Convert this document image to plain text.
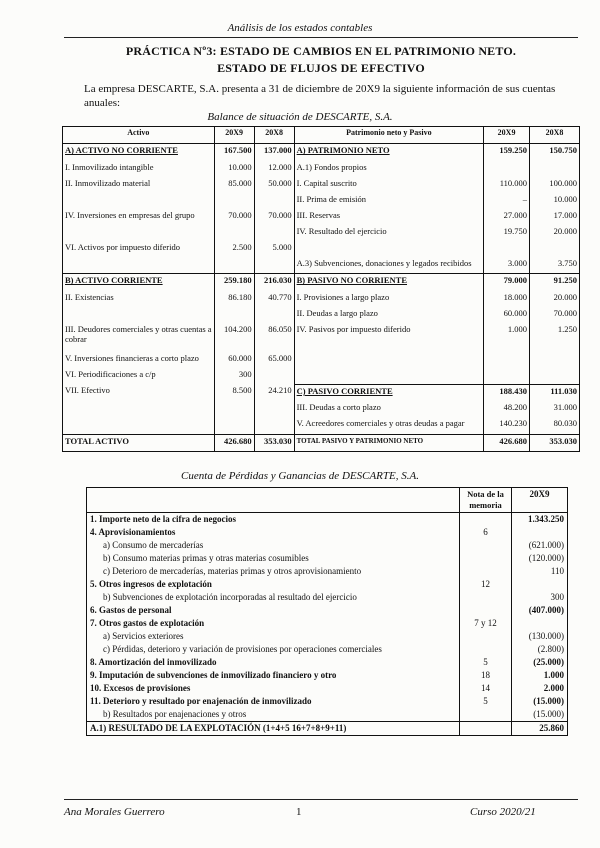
Análisis de los estados contables
PRÁCTICA Nº3: ESTADO DE CAMBIOS EN EL PATRIMONIO NETO.
ESTADO DE FLUJOS DE EFECTIVO
La empresa DESCARTE, S.A. presenta a 31 de diciembre de 20X9 la siguiente información de sus cuentas anuales:
Balance de situación de DESCARTE, S.A.
Activo	20X9	20X8	Patrimonio neto y Pasivo	20X9	20X8
A) ACTIVO NO CORRIENTE	167.500	137.000	A) PATRIMONIO NETO	159.250	150.750
I. Inmovilizado intangible	10.000	12.000	A.1) Fondos propios		
II. Inmovilizado material	85.000	50.000	I. Capital suscrito	110.000	100.000
			II. Prima de emisión	–	10.000
IV. Inversiones en empresas del grupo	70.000	70.000	III. Reservas	27.000	17.000
			IV. Resultado del ejercicio	19.750	20.000
VI. Activos por impuesto diferido	2.500	5.000			
			A.3) Subvenciones, donaciones y legados recibidos	3.000	3.750
B) ACTIVO CORRIENTE	259.180	216.030	B) PASIVO NO CORRIENTE	79.000	91.250
II. Existencias	86.180	40.770	I. Provisiones a largo plazo	18.000	20.000
			II. Deudas a largo plazo	60.000	70.000
III. Deudores comerciales y otras cuentas a cobrar	104.200	86.050	IV. Pasivos por impuesto diferido	1.000	1.250
V. Inversiones financieras a corto plazo	60.000	65.000			
VI. Periodificaciones a c/p	300				
VII. Efectivo	8.500	24.210	C) PASIVO CORRIENTE	188.430	111.030
			III. Deudas a corto plazo	48.200	31.000
			V. Acreedores comerciales y otras deudas a pagar	140.230	80.030
TOTAL ACTIVO	426.680	353.030	TOTAL PASIVO Y PATRIMONIO NETO	426.680	353.030
Cuenta de Pérdidas y Ganancias de DESCARTE, S.A.
	Nota de la memoria	20X9
1. Importe neto de la cifra de negocios		1.343.250
4. Aprovisionamientos	6	
a) Consumo de mercaderías		(621.000)
b) Consumo materias primas y otras materias cosumibles		(120.000)
c) Deterioro de mercaderías, materias primas y otros aprovisionamiento		110
5. Otros ingresos de explotación	12	
b) Subvenciones de explotación incorporadas al resultado del ejercicio		300
6. Gastos de personal		(407.000)
7. Otros gastos de explotación	7 y 12	
a) Servicios exteriores		(130.000)
c) Pérdidas, deterioro y variación de provisiones por operaciones comerciales		(2.800)
8. Amortización del inmovilizado	5	(25.000)
9. Imputación de subvenciones de inmovilizado financiero y otro	18	1.000
10. Excesos de provisiones	14	2.000
11. Deterioro y resultado por enajenación de inmovilizado	5	(15.000)
b) Resultados por enajenaciones y otros		(15.000)
A.1) RESULTADO DE LA EXPLOTACIÓN (1+4+5 16+7+8+9+11)		25.860
Ana Morales Guerrero	1	Curso 2020/21
